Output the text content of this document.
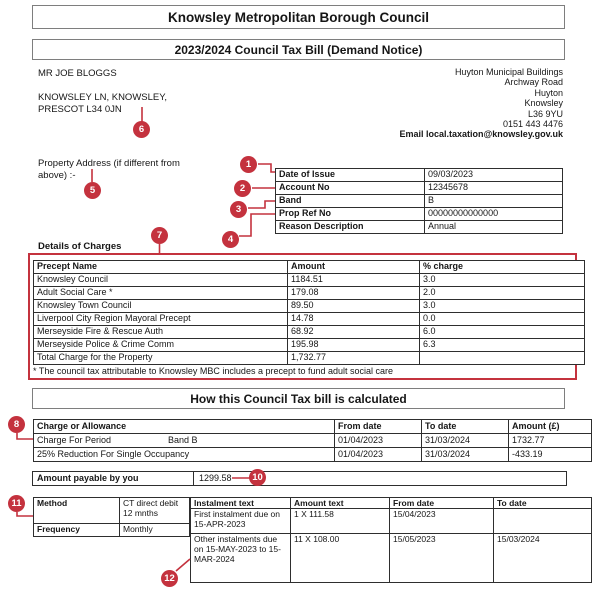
Knowsley Metropolitan Borough Council
2023/2024 Council Tax Bill (Demand Notice)
MR JOE BLOGGS
KNOWSLEY LN, KNOWSLEY,
PRESCOT L34 0JN
Huyton Municipal Buildings
Archway Road
Huyton
Knowsley
L36 9YU
0151 443 4476
Email local.taxation@knowsley.gov.uk
Property Address (if different from above) :-	Date of Issue	09/03/2023
Account No	12345678
Band	B
Prop Ref No	00000000000000
Reason Description	Annual
Details of Charges
Precept Name	Amount	% charge
Knowsley Council	1184.51	3.0
Adult Social Care *	179.08	2.0
Knowsley Town Council	89.50	3.0
Liverpool City Region Mayoral Precept	14.78	0.0
Merseyside Fire & Rescue Auth	68.92	6.0
Merseyside Police & Crime Comm	195.98	6.3
Total Charge for the Property	1,732.77	
* The council tax attributable to Knowsley MBC includes a precept to fund adult social care
How this Council Tax bill is calculated
Charge or Allowance	From date	To date	Amount (£)
Charge For Period Band B	01/04/2023	31/03/2024	1732.77
25% Reduction For Single Occupancy	01/04/2023	31/03/2024	-433.19
Amount payable by you	1299.58
Method	CT direct debit 12 mnths
Frequency	Monthly
Instalment text	Amount text	From date	To date
First instalment due on 15-APR-2023	1 X 111.58	15/04/2023	
Other instalments due on 15-MAY-2023 to 15-MAR-2024	11 X 108.00	15/05/2023	15/03/2024
1
2
3
4
5
6
7
8
10
11
12
